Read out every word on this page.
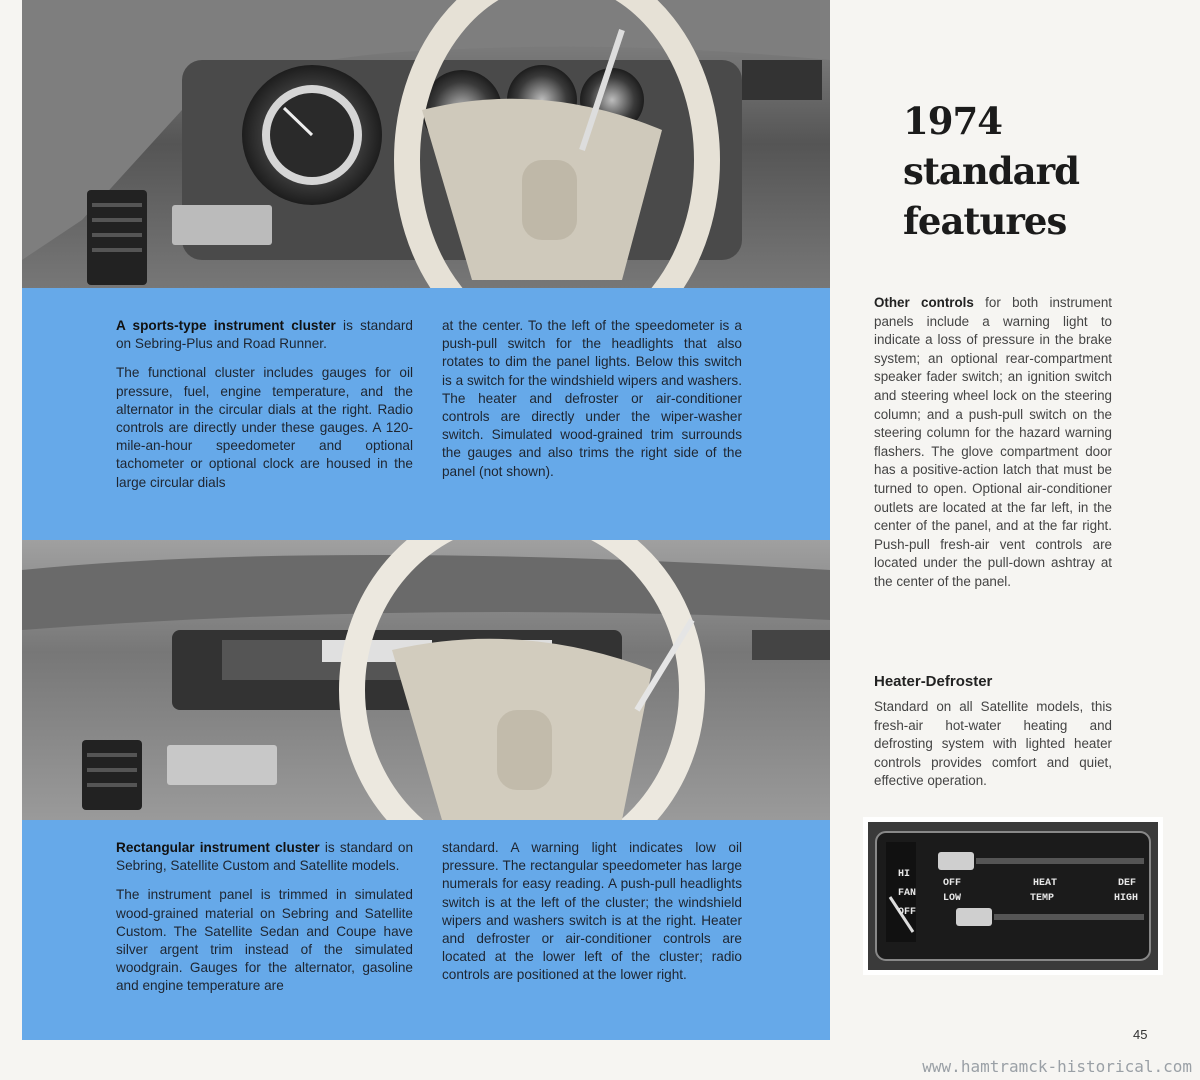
A sports-type instrument cluster is standard on Sebring-Plus and Road Runner.

The functional cluster includes gauges for oil pressure, fuel, engine temperature, and the alternator in the circular dials at the right. Radio controls are directly under these gauges. A 120-mile-an-hour speedometer and optional tachometer or optional clock are housed in the large circular dials

at the center. To the left of the speedometer is a push-pull switch for the headlights that also rotates to dim the panel lights. Below this switch is a switch for the windshield wipers and washers. The heater and defroster or air-conditioner controls are directly under the wiper-washer switch. Simulated wood-grained trim surrounds the gauges and also trims the right side of the panel (not shown).

Rectangular instrument cluster is standard on Sebring, Satellite Custom and Satellite models.

The instrument panel is trimmed in simulated wood-grained material on Sebring and Satellite Custom. The Satellite Sedan and Coupe have silver argent trim instead of the simulated woodgrain. Gauges for the alternator, gasoline and engine temperature are

standard. A warning light indicates low oil pressure. The rectangular speedometer has large numerals for easy reading. A push-pull headlights switch is at the left of the cluster; the windshield wipers and washers switch is at the right. Heater and defroster or air-conditioner controls are located at the lower left of the cluster; radio controls are positioned at the lower right.
1974
standard
features
Other controls for both instrument panels include a warning light to indicate a loss of pressure in the brake system; an optional rear-compartment speaker fader switch; an ignition switch and steering wheel lock on the steering column; and a push-pull switch on the steering column for the hazard warning flashers. The glove compartment door has a positive-action latch that must be turned to open. Optional air-conditioner outlets are located at the far left, in the center of the panel, and at the far right. Push-pull fresh-air vent controls are located under the pull-down ashtray at the center of the panel.
Heater-Defroster
Standard on all Satellite models, this fresh-air hot-water heating and defrosting system with lighted heater controls provides comfort and quiet, effective operation.
HI
FAN
OFF
OFF
LOW
HEAT
TEMP
DEF
HIGH
45
www.hamtramck-historical.com
